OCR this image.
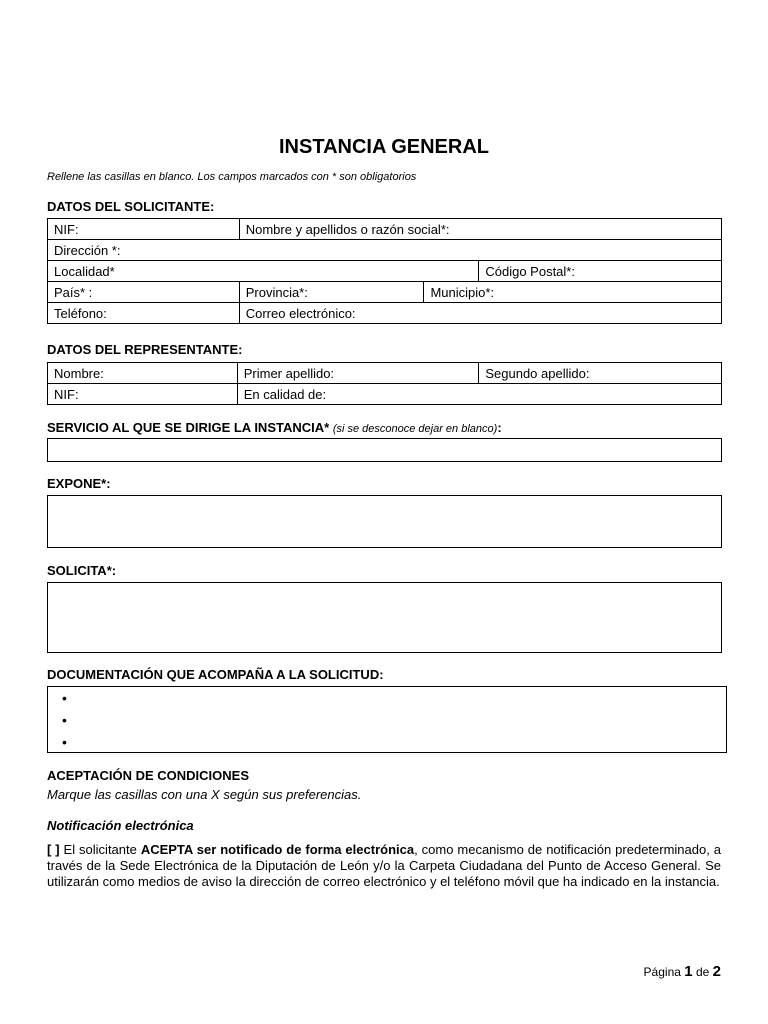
INSTANCIA GENERAL
Rellene las casillas en blanco. Los campos marcados con * son obligatorios
DATOS DEL SOLICITANTE:
NIF:	Nombre y apellidos o razón social*:		
Dirección *:			
Localidad*			Código Postal*:
País* :	Provincia*:	Municipio*:	
Teléfono:	Correo electrónico:		
DATOS DEL REPRESENTANTE:
Nombre:	Primer apellido:	Segundo apellido:
NIF:	En calidad de:	
SERVICIO AL QUE SE DIRIGE LA INSTANCIA* (si se desconoce dejar en blanco):
EXPONE*:
SOLICITA*:
DOCUMENTACIÓN QUE ACOMPAÑA A LA SOLICITUD:
•
•
•
ACEPTACIÓN DE CONDICIONES
Marque las casillas con una X según sus preferencias.
Notificación electrónica
[ ] El solicitante ACEPTA ser notificado de forma electrónica, como mecanismo de notificación predeterminado, a través de la Sede Electrónica de la Diputación de León y/o la Carpeta Ciudadana del Punto de Acceso General. Se utilizarán como medios de aviso la dirección de correo electrónico y el teléfono móvil que ha indicado en la instancia.
Página 1 de 2
